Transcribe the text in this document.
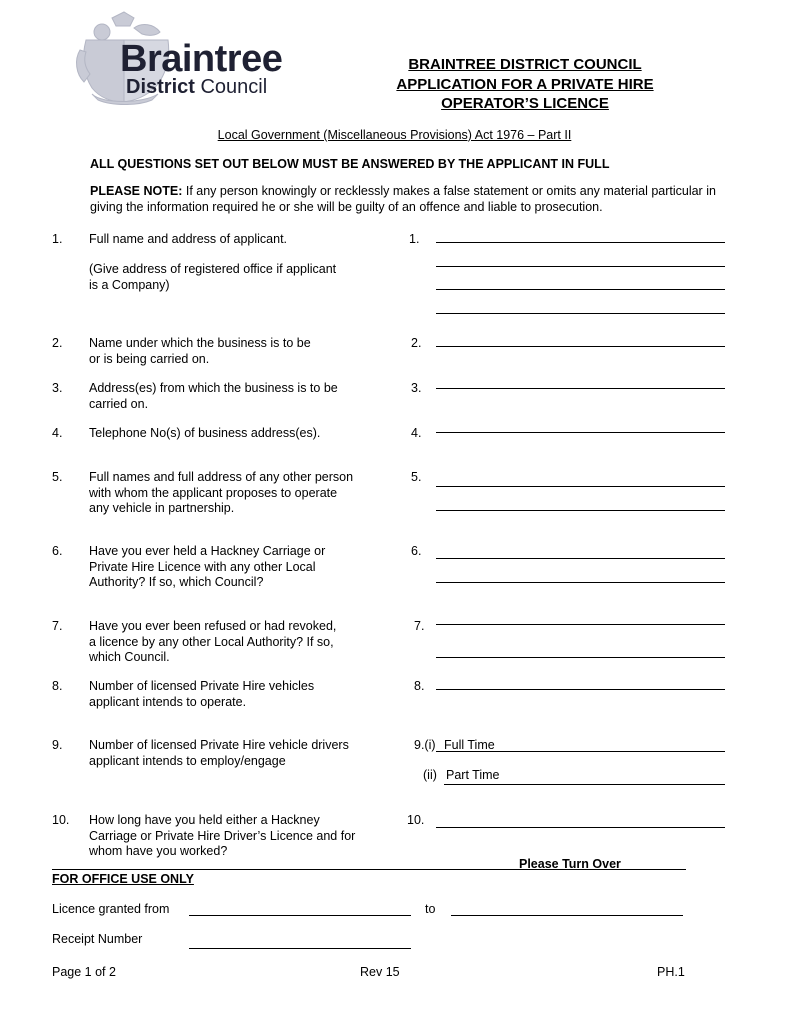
Braintree
District Council
BRAINTREE DISTRICT COUNCIL
APPLICATION FOR A PRIVATE HIRE
OPERATOR’S LICENCE
Local Government (Miscellaneous Provisions) Act 1976 – Part II
ALL QUESTIONS SET OUT BELOW MUST BE ANSWERED BY THE APPLICANT IN FULL
PLEASE NOTE: If any person knowingly or recklessly makes a false statement or omits any material particular in giving the information required he or she will be guilty of an offence and liable to prosecution.
1. Full name and address of applicant.
(Give address of registered office if applicant
is a Company)
1.
2. Name under which the business is to be
or is being carried on.
2.
3. Address(es) from which the business is to be
carried on.
3.
4. Telephone No(s) of business address(es).	4.
5. Full names and full address of any other person
with whom the applicant proposes to operate
any vehicle in partnership.
5.
6. Have you ever held a Hackney Carriage or
Private Hire Licence with any other Local
Authority? If so, which Council?
6.
7. Have you ever been refused or had revoked,
a licence by any other Local Authority? If so,
which Council.
7.
8. Number of licensed Private Hire vehicles
applicant intends to operate.
8.
9. Number of licensed Private Hire vehicle drivers
applicant intends to employ/engage
9.(i) Full Time
(ii) Part Time
10. How long have you held either a Hackney
Carriage or Private Hire Driver’s Licence and for
whom have you worked?
10.
Please Turn Over
FOR OFFICE USE ONLY
Licence granted from	to
Receipt Number
Page 1 of 2	Rev 15	PH.1
